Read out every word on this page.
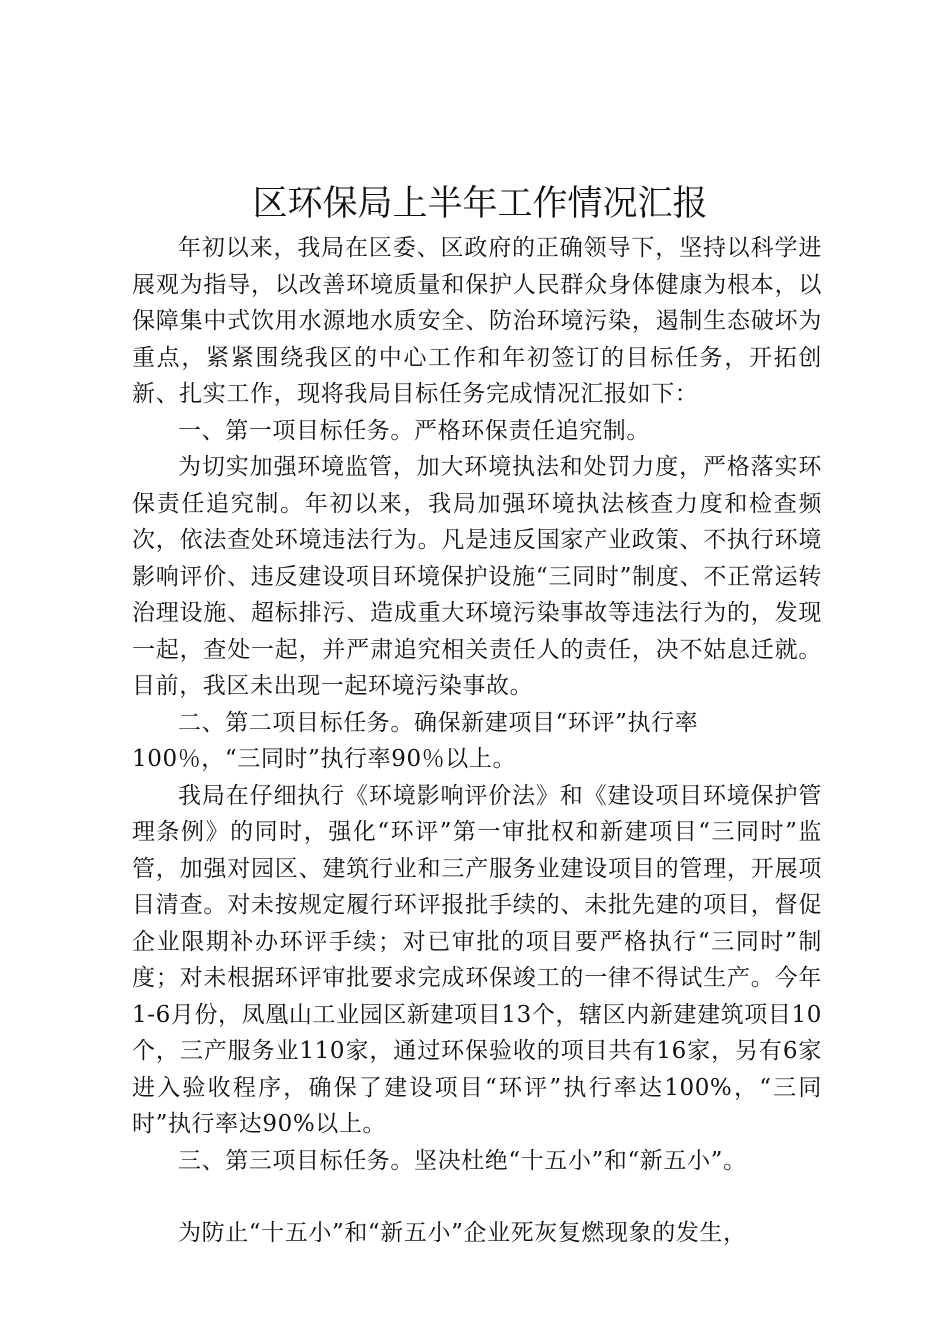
区环保局上半年工作情况汇报

年初以来，我局在区委、区政府的正确领导下，坚持以科学进展观为指导，以改善环境质量和保护人民群众身体健康为根本，以保障集中式饮用水源地水质安全、防治环境污染，遏制生态破坏为重点，紧紧围绕我区的中心工作和年初签订的目标任务，开拓创新、扎实工作，现将我局目标任务完成情况汇报如下：

一、第一项目标任务。严格环保责任追究制。

为切实加强环境监管，加大环境执法和处罚力度，严格落实环保责任追究制。年初以来，我局加强环境执法核查力度和检查频次，依法查处环境违法行为。凡是违反国家产业政策、不执行环境影响评价、违反建设项目环境保护设施“三同时”制度、不正常运转治理设施、超标排污、造成重大环境污染事故等违法行为的，发现一起，查处一起，并严肃追究相关责任人的责任，决不姑息迁就。目前，我区未出现一起环境污染事故。

二、第二项目标任务。确保新建项目“环评”执行率100％，“三同时”执行率90％以上。

我局在仔细执行《环境影响评价法》和《建设项目环境保护管理条例》的同时，强化“环评”第一审批权和新建项目“三同时”监管，加强对园区、建筑行业和三产服务业建设项目的管理，开展项目清查。对未按规定履行环评报批手续的、未批先建的项目，督促企业限期补办环评手续；对已审批的项目要严格执行“三同时”制度；对未根据环评审批要求完成环保竣工的一律不得试生产。今年1-6月份，凤凰山工业园区新建项目13个，辖区内新建建筑项目10个，三产服务业110家，通过环保验收的项目共有16家，另有6家进入验收程序，确保了建设项目“环评”执行率达100%，“三同时”执行率达90%以上。

三、第三项目标任务。坚决杜绝“十五小”和“新五小”。

为防止“十五小”和“新五小”企业死灰复燃现象的发生，
